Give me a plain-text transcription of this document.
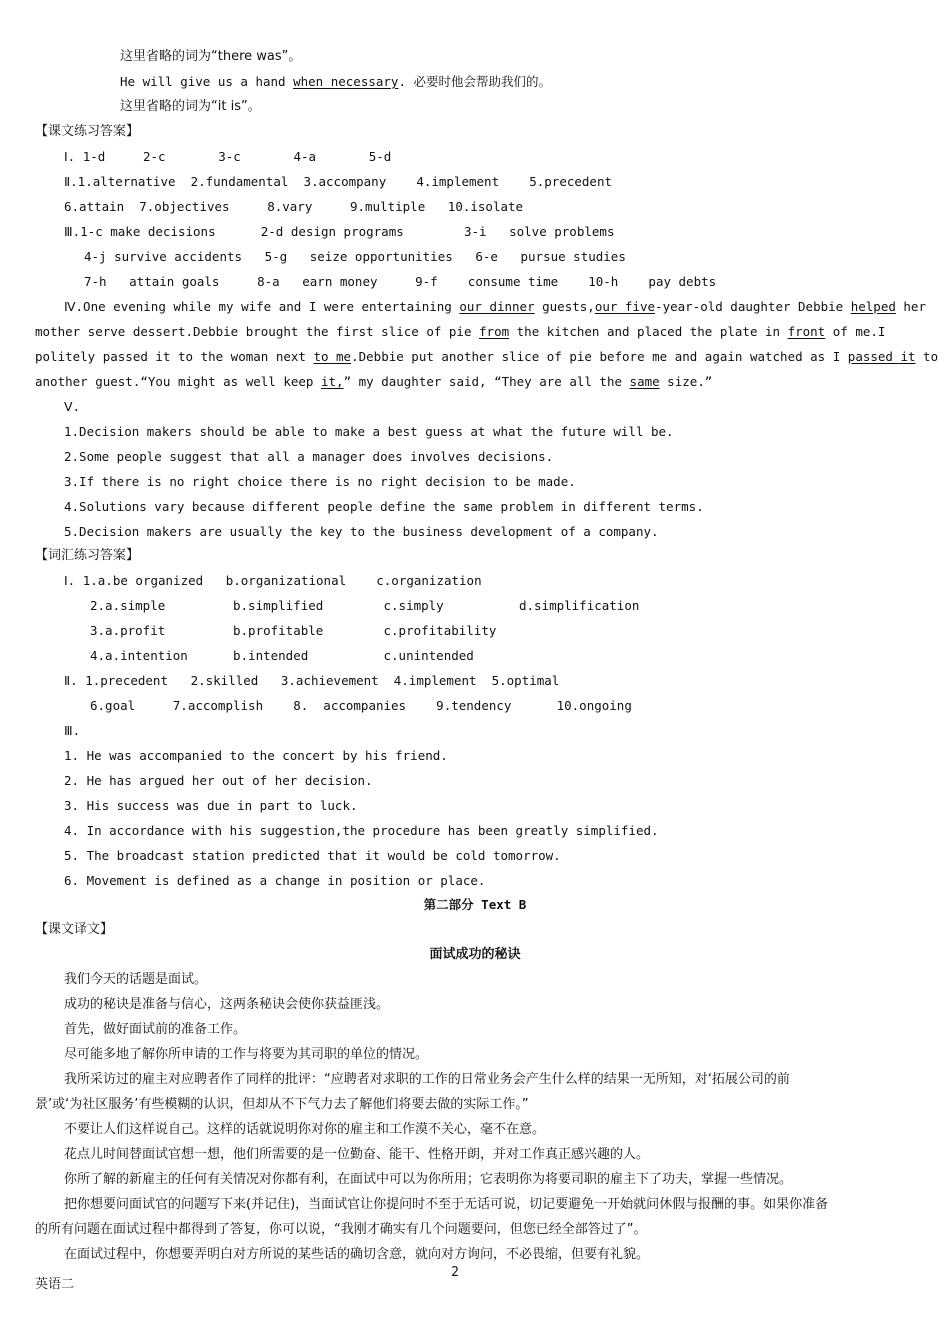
这里省略的词为“there was”。
He will give us a hand when necessary. 必要时他会帮助我们的。
这里省略的词为“it is”。
【课文练习答案】
Ⅰ. 1-d     2-c       3-c       4-a       5-d
Ⅱ.1.alternative  2.fundamental  3.accompany    4.implement    5.precedent
6.attain  7.objectives     8.vary     9.multiple   10.isolate
Ⅲ.1-c make decisions      2-d design programs        3-i   solve problems
4-j survive accidents   5-g   seize opportunities   6-e   pursue studies
7-h   attain goals     8-a   earn money     9-f    consume time    10-h    pay debts
Ⅳ.One evening while my wife and I were entertaining our dinner guests,our five-year-old daughter Debbie helped her
mother serve dessert.Debbie brought the first slice of pie from the kitchen and placed the plate in front of me.I
politely passed it to the woman next to me.Debbie put another slice of pie before me and again watched as I passed it to
another guest.“You might as well keep it,” my daughter said, “They are all the same size.”
Ⅴ.
1.Decision makers should be able to make a best guess at what the future will be.
2.Some people suggest that all a manager does involves decisions.
3.If there is no right choice there is no right decision to be made.
4.Solutions vary because different people define the same problem in different terms.
5.Decision makers are usually the key to the business development of a company.
【词汇练习答案】
Ⅰ. 1.a.be organized   b.organizational    c.organization
2.a.simple         b.simplified        c.simply          d.simplification
3.a.profit         b.profitable        c.profitability
4.a.intention      b.intended          c.unintended
Ⅱ. 1.precedent   2.skilled   3.achievement  4.implement  5.optimal
6.goal     7.accomplish    8.  accompanies    9.tendency      10.ongoing
Ⅲ.
1. He was accompanied to the concert by his friend.
2. He has argued her out of her decision.
3. His success was due in part to luck.
4. In accordance with his suggestion,the procedure has been greatly simplified.
5. The broadcast station predicted that it would be cold tomorrow.
6. Movement is defined as a change in position or place.
第二部分 Text B
【课文译文】
面试成功的秘诀
我们今天的话题是面试。
成功的秘诀是准备与信心，这两条秘诀会使你获益匪浅。
首先，做好面试前的准备工作。
尽可能多地了解你所申请的工作与将要为其司职的单位的情况。
我所采访过的雇主对应聘者作了同样的批评：“应聘者对求职的工作的日常业务会产生什么样的结果一无所知，对‘拓展公司的前
景’或‘为社区服务’有些模糊的认识，但却从不下气力去了解他们将要去做的实际工作。”
不要让人们这样说自己。这样的话就说明你对你的雇主和工作漠不关心，毫不在意。
花点儿时间替面试官想一想，他们所需要的是一位勤奋、能干、性格开朗，并对工作真正感兴趣的人。
你所了解的新雇主的任何有关情况对你都有利，在面试中可以为你所用；它表明你为将要司职的雇主下了功夫，掌握一些情况。
把你想要问面试官的问题写下来(并记住)，当面试官让你提问时不至于无话可说，切记要避免一开始就问休假与报酬的事。如果你准备
的所有问题在面试过程中都得到了答复，你可以说，“我刚才确实有几个问题要问，但您已经全部答过了”。
在面试过程中，你想要弄明白对方所说的某些话的确切含意，就向对方询问，不必畏缩，但要有礼貌。
英语二
2
